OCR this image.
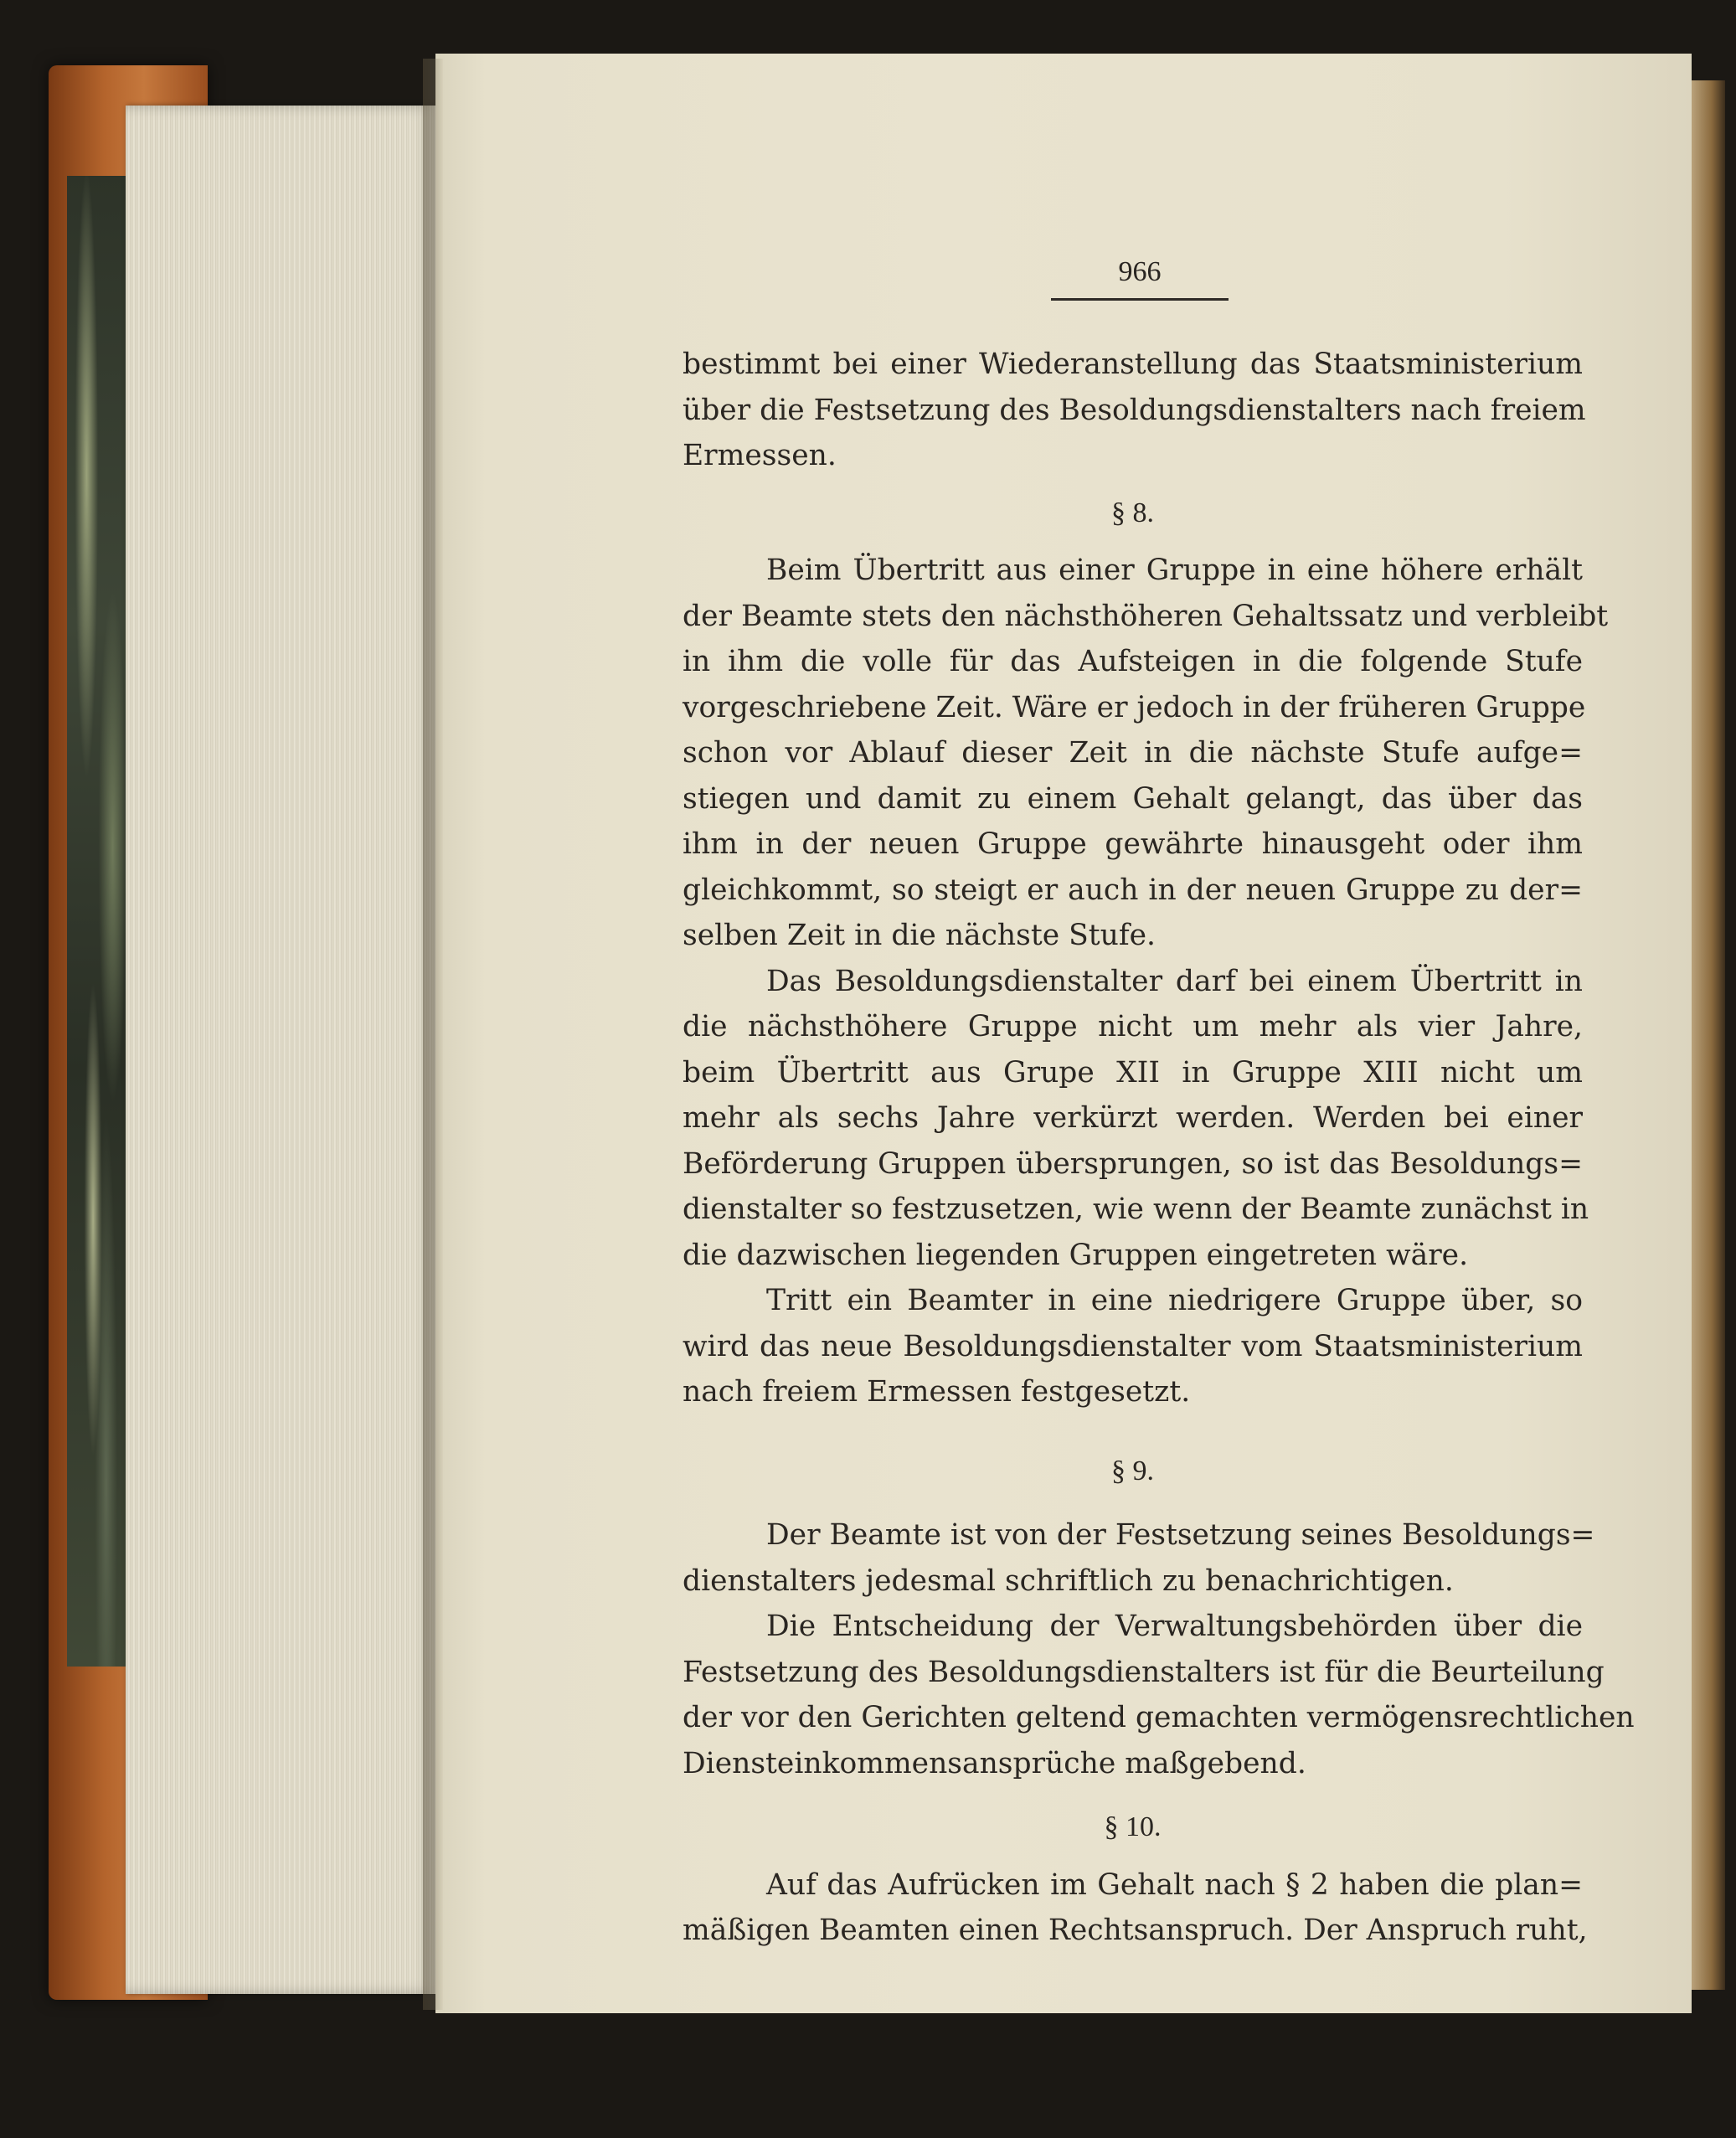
966
bestimmt bei einer Wiederanstellung das Staatsministerium
über die Festsetzung des Besoldungsdienstalters nach freiem
Ermessen.
§ 8.
Beim Übertritt aus einer Gruppe in eine höhere erhält
der Beamte stets den nächsthöheren Gehaltssatz und verbleibt
in ihm die volle für das Aufsteigen in die folgende Stufe
vorgeschriebene Zeit. Wäre er jedoch in der früheren Gruppe
schon vor Ablauf dieser Zeit in die nächste Stufe aufge=
stiegen und damit zu einem Gehalt gelangt, das über das
ihm in der neuen Gruppe gewährte hinausgeht oder ihm
gleichkommt, so steigt er auch in der neuen Gruppe zu der=
selben Zeit in die nächste Stufe.
Das Besoldungsdienstalter darf bei einem Übertritt in
die nächsthöhere Gruppe nicht um mehr als vier Jahre,
beim Übertritt aus Grupe XII in Gruppe XIII nicht um
mehr als sechs Jahre verkürzt werden. Werden bei einer
Beförderung Gruppen übersprungen, so ist das Besoldungs=
dienstalter so festzusetzen, wie wenn der Beamte zunächst in
die dazwischen liegenden Gruppen eingetreten wäre.
Tritt ein Beamter in eine niedrigere Gruppe über, so
wird das neue Besoldungsdienstalter vom Staatsministerium
nach freiem Ermessen festgesetzt.
§ 9.
Der Beamte ist von der Festsetzung seines Besoldungs=
dienstalters jedesmal schriftlich zu benachrichtigen.
Die Entscheidung der Verwaltungsbehörden über die
Festsetzung des Besoldungsdienstalters ist für die Beurteilung
der vor den Gerichten geltend gemachten vermögensrechtlichen
Diensteinkommensansprüche maßgebend.
§ 10.
Auf das Aufrücken im Gehalt nach § 2 haben die plan=
mäßigen Beamten einen Rechtsanspruch. Der Anspruch ruht,
